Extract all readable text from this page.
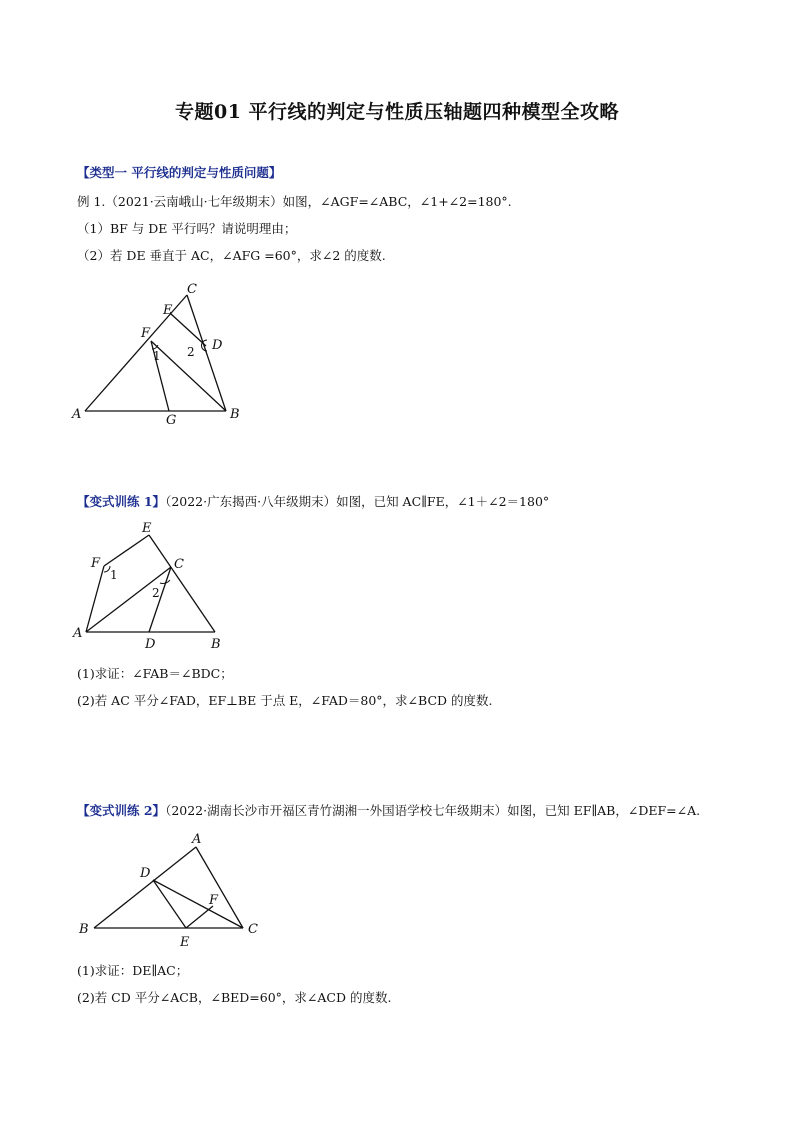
专题01 平行线的判定与性质压轴题四种模型全攻略
【类型一 平行线的判定与性质问题】
例 1.（2021·云南峨山·七年级期末）如图，∠AGF=∠ABC，∠1+∠2=180°.
（1）BF 与 DE 平行吗？请说明理由；
（2）若 DE 垂直于 AC，∠AFG =60°，求∠2 的度数.
C
E
F
D
A	G	B
1 2
E
F	C
A
D	B
1
2
A
D
F
B
E
C
【变式训练 1】（2022·广东揭西·八年级期末）如图，已知 AC∥FE，∠1＋∠2＝180°
(1)求证：∠FAB＝∠BDC；
(2)若 AC 平分∠FAD，EF⊥BE 于点 E，∠FAD＝80°，求∠BCD 的度数.
【变式训练 2】（2022·湖南长沙市开福区青竹湖湘一外国语学校七年级期末）如图，已知 EF∥AB，∠DEF=∠A.
(1)求证：DE∥AC；
(2)若 CD 平分∠ACB，∠BED=60°，求∠ACD 的度数.
